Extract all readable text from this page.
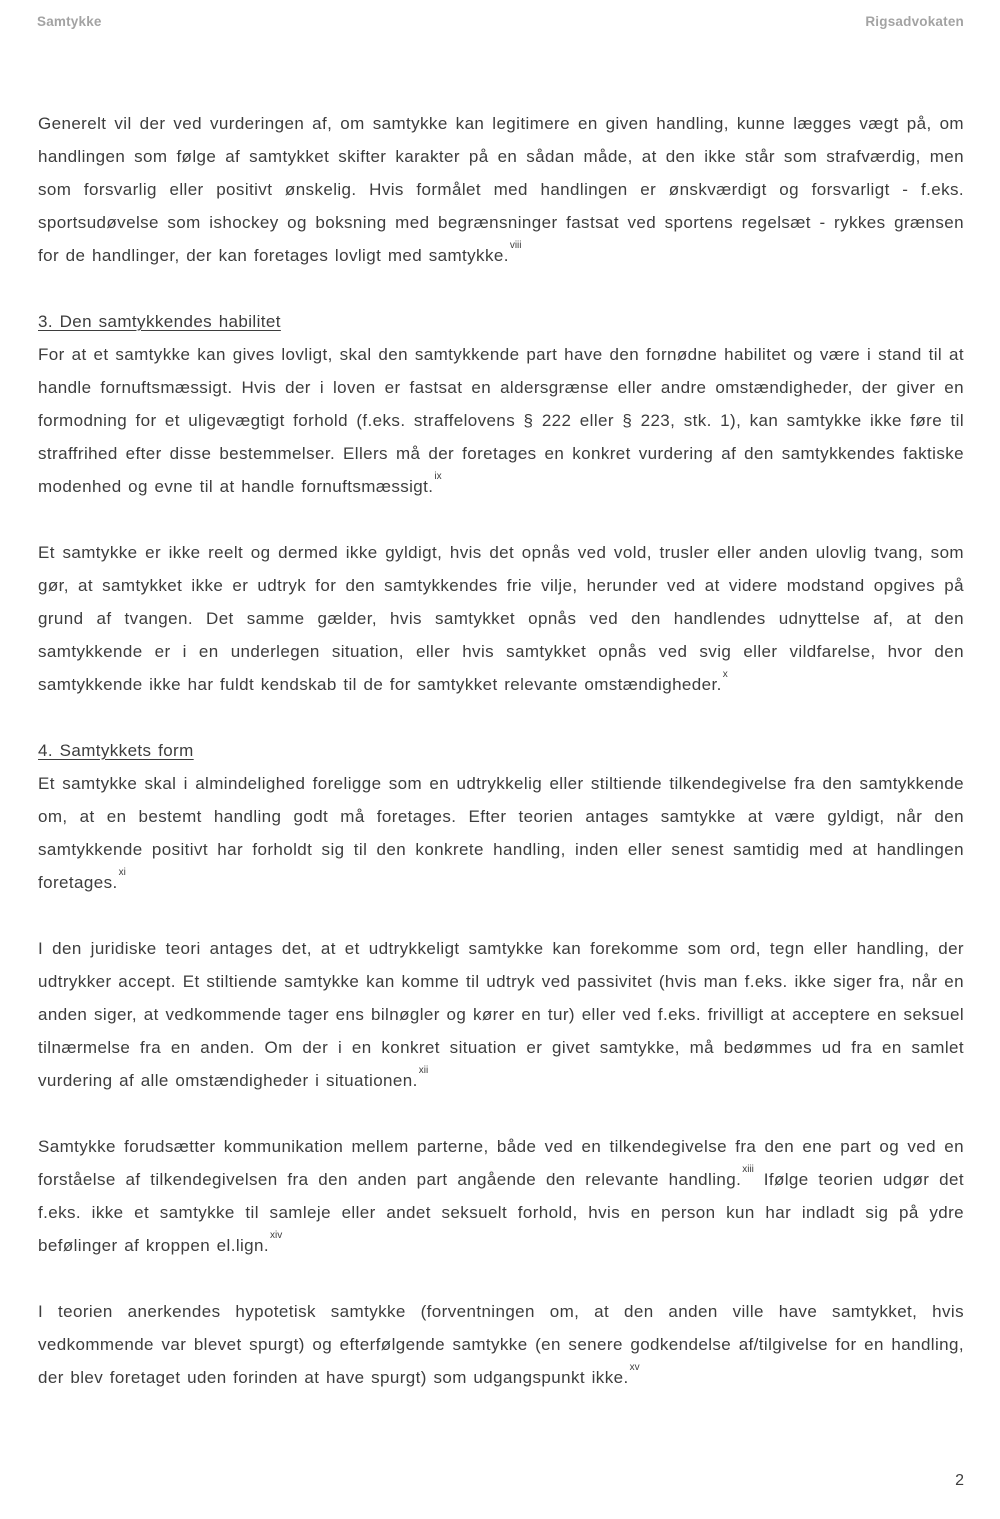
Samtykke	Rigsadvokaten

Generelt vil der ved vurderingen af, om samtykke kan legitimere en given handling, kunne lægges vægt på, om handlingen som følge af samtykket skifter karakter på en sådan måde, at den ikke står som strafværdig, men som forsvarlig eller positivt ønskelig. Hvis formålet med handlingen er ønskværdigt og forsvarligt - f.eks. sportsudøvelse som ishockey og boksning med begrænsninger fastsat ved sportens regelsæt - rykkes grænsen for de handlinger, der kan foretages lovligt med samtykke.$^{viii}$

3. Den samtykkendes habilitet

For at et samtykke kan gives lovligt, skal den samtykkende part have den fornødne habilitet og være i stand til at handle fornuftsmæssigt. Hvis der i loven er fastsat en aldersgrænse eller andre omstændigheder, der giver en formodning for et uligevægtigt forhold (f.eks. straffelovens § 222 eller § 223, stk. 1), kan samtykke ikke føre til straffrihed efter disse bestemmelser. Ellers må der foretages en konkret vurdering af den samtykkendes faktiske modenhed og evne til at handle fornuftsmæssigt.$^{ix}$

Et samtykke er ikke reelt og dermed ikke gyldigt, hvis det opnås ved vold, trusler eller anden ulovlig tvang, som gør, at samtykket ikke er udtryk for den samtykkendes frie vilje, herunder ved at videre modstand opgives på grund af tvangen. Det samme gælder, hvis samtykket opnås ved den handlendes udnyttelse af, at den samtykkende er i en underlegen situation, eller hvis samtykket opnås ved svig eller vildfarelse, hvor den samtykkende ikke har fuldt kendskab til de for samtykket relevante omstændigheder.$^x$

4. Samtykkets form

Et samtykke skal i almindelighed foreligge som en udtrykkelig eller stiltiende tilkendegivelse fra den samtykkende om, at en bestemt handling godt må foretages. Efter teorien antages samtykke at være gyldigt, når den samtykkende positivt har forholdt sig til den konkrete handling, inden eller senest samtidig med at handlingen foretages.$^{xi}$

I den juridiske teori antages det, at et udtrykkeligt samtykke kan forekomme som ord, tegn eller handling, der udtrykker accept. Et stiltiende samtykke kan komme til udtryk ved passivitet (hvis man f.eks. ikke siger fra, når en anden siger, at vedkommende tager ens bilnøgler og kører en tur) eller ved f.eks. frivilligt at acceptere en seksuel tilnærmelse fra en anden. Om der i en konkret situation er givet samtykke, må bedømmes ud fra en samlet vurdering af alle omstændigheder i situationen.$^{xii}$

Samtykke forudsætter kommunikation mellem parterne, både ved en tilkendegivelse fra den ene part og ved en forståelse af tilkendegivelsen fra den anden part angående den relevante handling.$^{xiii}$ Ifølge teorien udgør det f.eks. ikke et samtykke til samleje eller andet seksuelt forhold, hvis en person kun har indladt sig på ydre befølinger af kroppen el.lign.$^{xiv}$

I teorien anerkendes hypotetisk samtykke (forventningen om, at den anden ville have samtykket, hvis vedkommende var blevet spurgt) og efterfølgende samtykke (en senere godkendelse af/tilgivelse for en handling, der blev foretaget uden forinden at have spurgt) som udgangspunkt ikke.$^{xv}$

2
